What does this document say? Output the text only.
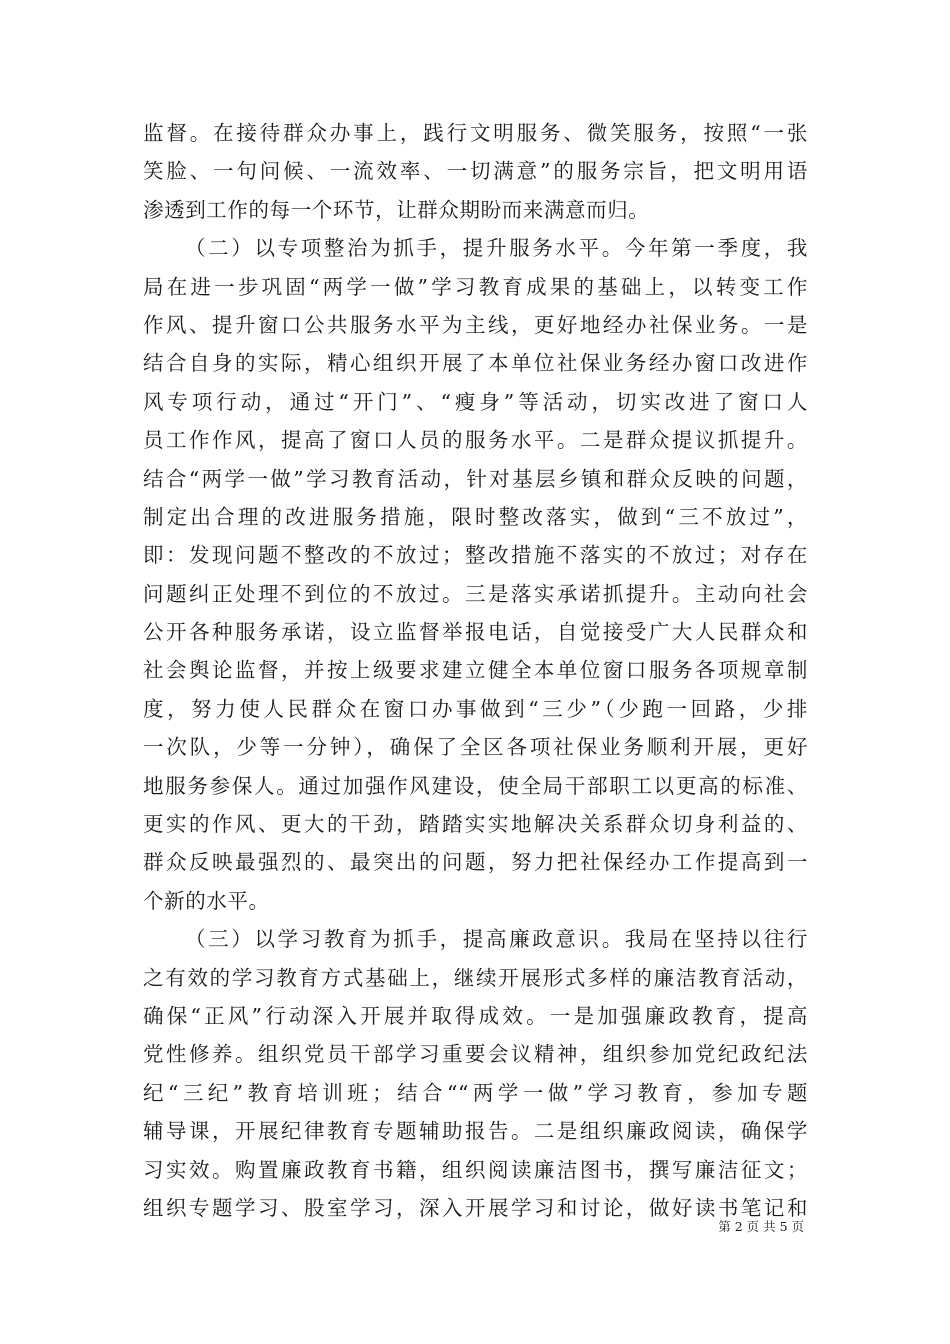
监督。在接待群众办事上，践行文明服务、微笑服务，按照“一张
笑脸、一句问候、一流效率、一切满意”的服务宗旨，把文明用语
渗透到工作的每一个环节，让群众期盼而来满意而归。
（二）以专项整治为抓手，提升服务水平。今年第一季度，我
局在进一步巩固“两学一做”学习教育成果的基础上，以转变工作
作风、提升窗口公共服务水平为主线，更好地经办社保业务。一是
结合自身的实际，精心组织开展了本单位社保业务经办窗口改进作
风专项行动，通过“开门”、“瘦身”等活动，切实改进了窗口人
员工作作风，提高了窗口人员的服务水平。二是群众提议抓提升。
结合“两学一做”学习教育活动，针对基层乡镇和群众反映的问题，
制定出合理的改进服务措施，限时整改落实，做到“三不放过”，
即：发现问题不整改的不放过；整改措施不落实的不放过；对存在
问题纠正处理不到位的不放过。三是落实承诺抓提升。主动向社会
公开各种服务承诺，设立监督举报电话，自觉接受广大人民群众和
社会舆论监督，并按上级要求建立健全本单位窗口服务各项规章制
度，努力使人民群众在窗口办事做到“三少”（少跑一回路，少排
一次队，少等一分钟），确保了全区各项社保业务顺利开展，更好
地服务参保人。通过加强作风建设，使全局干部职工以更高的标准、
更实的作风、更大的干劲，踏踏实实地解决关系群众切身利益的、
群众反映最强烈的、最突出的问题，努力把社保经办工作提高到一
个新的水平。
（三）以学习教育为抓手，提高廉政意识。我局在坚持以往行
之有效的学习教育方式基础上，继续开展形式多样的廉洁教育活动，
确保“正风”行动深入开展并取得成效。一是加强廉政教育，提高
党性修养。组织党员干部学习重要会议精神，组织参加党纪政纪法
纪“三纪”教育培训班；结合““两学一做”学习教育，参加专题
辅导课，开展纪律教育专题辅助报告。二是组织廉政阅读，确保学
习实效。购置廉政教育书籍，组织阅读廉洁图书，撰写廉洁征文；
组织专题学习、股室学习，深入开展学习和讨论，做好读书笔记和
第 2 页 共 5 页
